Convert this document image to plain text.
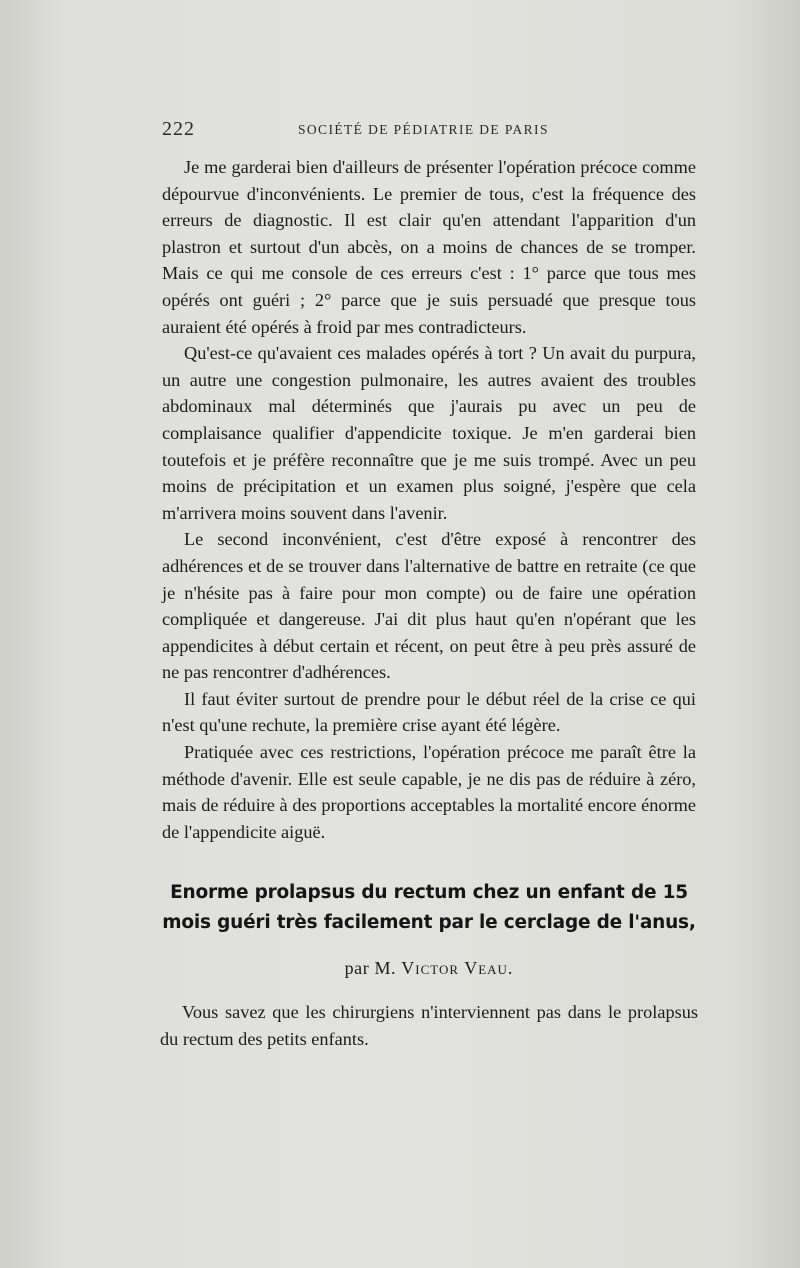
222	SOCIÉTÉ DE PÉDIATRIE DE PARIS

Je me garderai bien d'ailleurs de présenter l'opération précoce comme dépourvue d'inconvénients. Le premier de tous, c'est la fréquence des erreurs de diagnostic. Il est clair qu'en attendant l'apparition d'un plastron et surtout d'un abcès, on a moins de chances de se tromper. Mais ce qui me console de ces erreurs c'est : 1° parce que tous mes opérés ont guéri ; 2° parce que je suis persuadé que presque tous auraient été opérés à froid par mes contradicteurs.

Qu'est-ce qu'avaient ces malades opérés à tort ? Un avait du purpura, un autre une congestion pulmonaire, les autres avaient des troubles abdominaux mal déterminés que j'aurais pu avec un peu de complaisance qualifier d'appendicite toxique. Je m'en garderai bien toutefois et je préfère reconnaître que je me suis trompé. Avec un peu moins de précipitation et un examen plus soigné, j'espère que cela m'arrivera moins souvent dans l'avenir.

Le second inconvénient, c'est d'être exposé à rencontrer des adhérences et de se trouver dans l'alternative de battre en retraite (ce que je n'hésite pas à faire pour mon compte) ou de faire une opération compliquée et dangereuse. J'ai dit plus haut qu'en n'opérant que les appendicites à début certain et récent, on peut être à peu près assuré de ne pas rencontrer d'adhérences.

Il faut éviter surtout de prendre pour le début réel de la crise ce qui n'est qu'une rechute, la première crise ayant été légère.

Pratiquée avec ces restrictions, l'opération précoce me paraît être la méthode d'avenir. Elle est seule capable, je ne dis pas de réduire à zéro, mais de réduire à des proportions acceptables la mortalité encore énorme de l'appendicite aiguë.

Enorme prolapsus du rectum chez un enfant de 15 mois guéri très facilement par le cerclage de l'anus,

par M. Victor Veau.

Vous savez que les chirurgiens n'interviennent pas dans le prolapsus du rectum des petits enfants.
